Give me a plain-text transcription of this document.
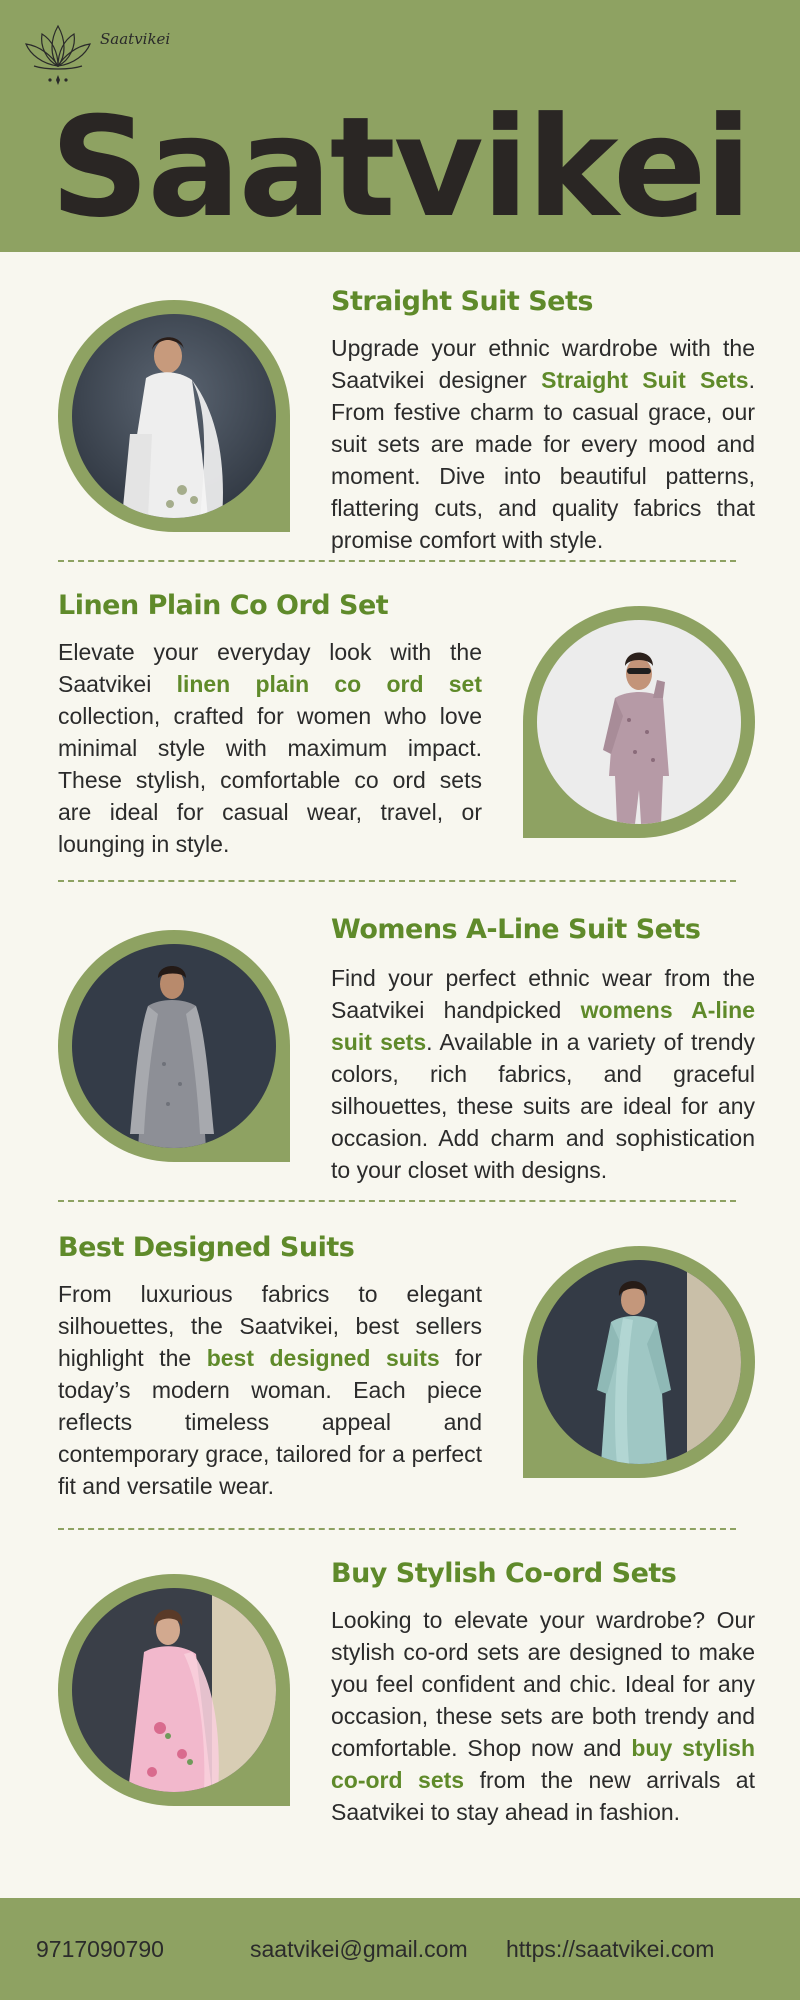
Saatvikei
Saatvikei
Straight Suit Sets
Upgrade your ethnic wardrobe with the Saatvikei designer Straight Suit Sets. From festive charm to casual grace, our suit sets are made for every mood and moment. Dive into beautiful patterns, flattering cuts, and quality fabrics that promise comfort with style.
Linen Plain Co Ord Set
Elevate your everyday look with the Saatvikei linen plain co ord set collection, crafted for women who love minimal style with maximum impact. These stylish, comfortable co ord sets are ideal for casual wear, travel, or lounging in style.
Womens A-Line Suit Sets
Find your perfect ethnic wear from the Saatvikei handpicked womens A-line suit sets. Available in a variety of trendy colors, rich fabrics, and graceful silhouettes, these suits are ideal for any occasion. Add charm and sophistication to your closet with designs.
Best Designed Suits
From luxurious fabrics to elegant silhouettes, the Saatvikei, best sellers highlight the best designed suits for today’s modern woman. Each piece reflects timeless appeal and contemporary grace, tailored for a perfect fit and versatile wear.
Buy Stylish Co-ord Sets
Looking to elevate your wardrobe? Our stylish co-ord sets are designed to make you feel confident and chic. Ideal for any occasion, these sets are both trendy and comfortable. Shop now and buy stylish co-ord sets from the new arrivals at Saatvikei to stay ahead in fashion.
9717090790	saatvikei@gmail.com https://saatvikei.com
